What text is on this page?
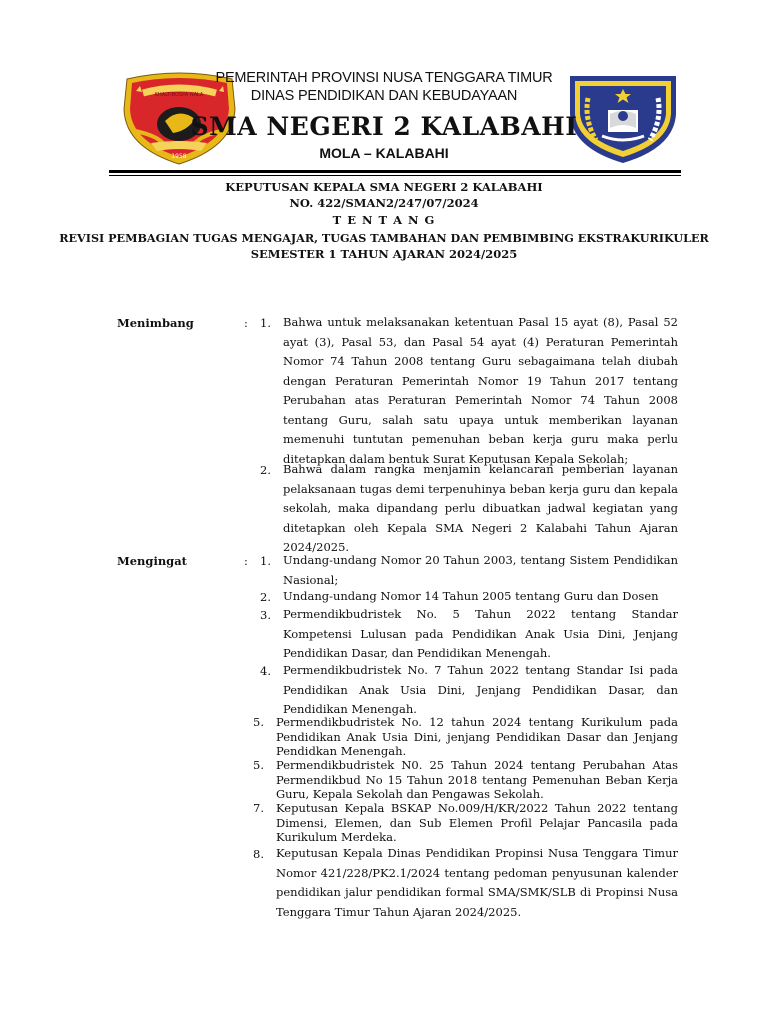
KHALTIBOSPA NALA
1958
PEMERINTAH PROVINSI NUSA TENGGARA TIMUR
DINAS PENDIDIKAN DAN KEBUDAYAAN
SMA NEGERI 2 KALABAHI
MOLA – KALABAHI
KEPUTUSAN KEPALA SMA NEGERI 2 KALABAHI
NO. 422/SMAN2/247/07/2024
T E N T A N G
REVISI PEMBAGIAN TUGAS MENGAJAR, TUGAS TAMBAHAN DAN PEMBIMBING EKSTRAKURIKULER
SEMESTER 1 TAHUN AJARAN 2024/2025
Menimbang	:	1. Bahwa untuk melaksanakan ketentuan Pasal 15 ayat (8), Pasal 52 ayat (3), Pasal 53, dan Pasal 54 ayat (4) Peraturan Pemerintah Nomor 74 Tahun 2008 tentang Guru sebagaimana telah diubah dengan Peraturan Pemerintah Nomor 19 Tahun 2017 tentang Perubahan atas Peraturan Pemerintah Nomor 74 Tahun 2008 tentang Guru, salah satu upaya untuk memberikan layanan memenuhi tuntutan pemenuhan beban kerja guru maka perlu ditetapkan dalam bentuk Surat Keputusan Kepala Sekolah;
2. Bahwa dalam rangka menjamin kelancaran pemberian layanan pelaksanaan tugas demi terpenuhinya beban kerja guru dan kepala sekolah, maka dipandang perlu dibuatkan jadwal kegiatan yang ditetapkan oleh Kepala SMA Negeri 2 Kalabahi Tahun Ajaran 2024/2025.
Mengingat	:	1. Undang-undang Nomor 20 Tahun 2003, tentang Sistem Pendidikan Nasional;
2. Undang-undang Nomor 14 Tahun 2005 tentang Guru dan Dosen
3. Permendikbudristek No. 5 Tahun 2022 tentang Standar Kompetensi Lulusan pada Pendidikan Anak Usia Dini, Jenjang Pendidikan Dasar, dan Pendidikan Menengah.
4. Permendikbudristek No. 7 Tahun 2022 tentang Standar Isi pada Pendidikan Anak Usia Dini, Jenjang Pendidikan Dasar, dan Pendidikan Menengah.
5. Permendikbudristek No. 12 tahun 2024 tentang Kurikulum pada Pendidikan Anak Usia Dini, jenjang Pendidikan Dasar dan Jenjang Pendidkan Menengah.
5. Permendikbudristek N0. 25 Tahun 2024 tentang Perubahan Atas Permendikbud No 15 Tahun 2018 tentang Pemenuhan Beban Kerja Guru, Kepala Sekolah dan Pengawas Sekolah.
7. Keputusan Kepala BSKAP No.009/H/KR/2022 Tahun 2022 tentang Dimensi, Elemen, dan Sub Elemen Profil Pelajar Pancasila pada Kurikulum Merdeka.
8. Keputusan Kepala Dinas Pendidikan Propinsi Nusa Tenggara Timur Nomor 421/228/PK2.1/2024 tentang pedoman penyusunan kalender pendidikan jalur pendidikan formal SMA/SMK/SLB di Propinsi Nusa Tenggara Timur Tahun Ajaran 2024/2025.
